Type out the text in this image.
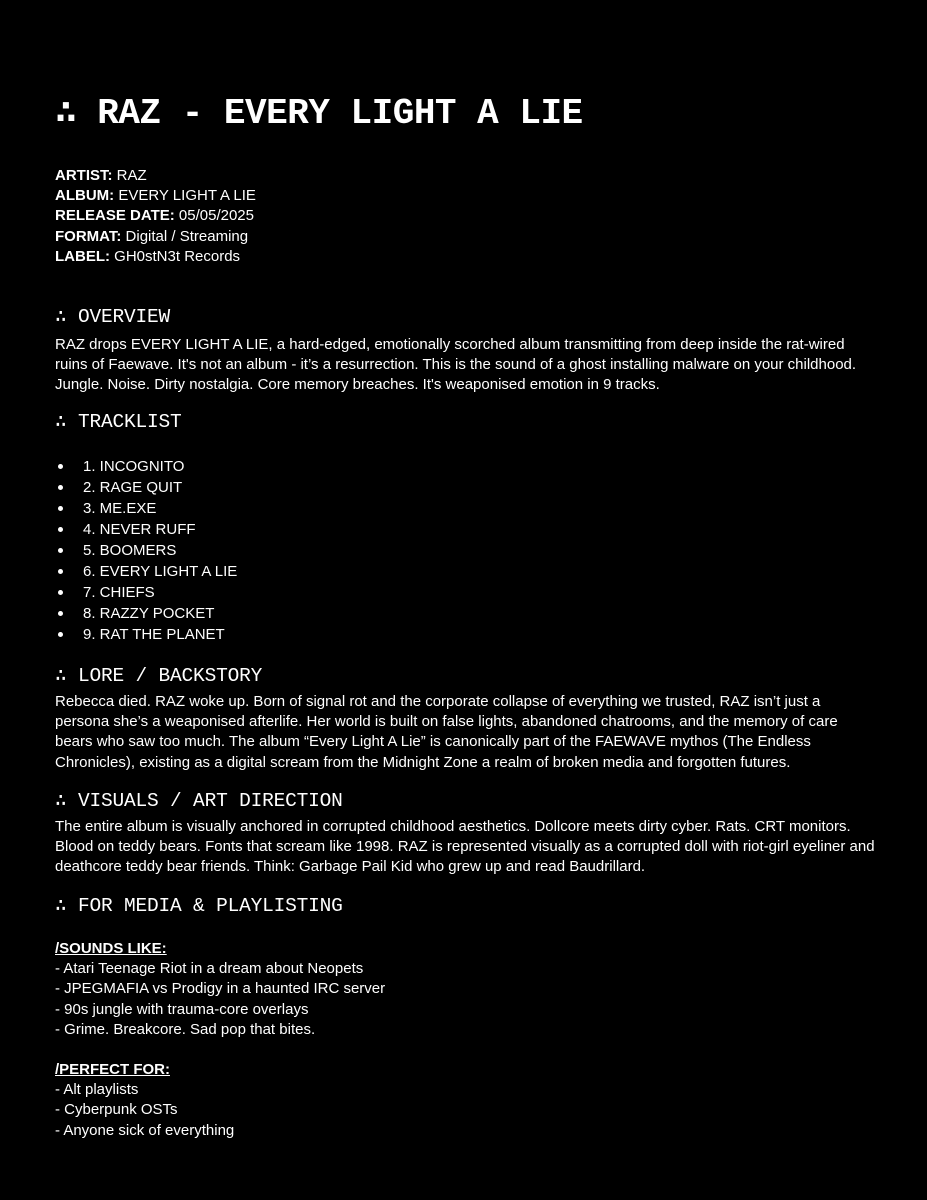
∴ RAZ - EVERY LIGHT A LIE
ARTIST: RAZ
ALBUM: EVERY LIGHT A LIE
RELEASE DATE: 05/05/2025
FORMAT: Digital / Streaming
LABEL: GH0stN3t Records
∴ OVERVIEW

RAZ drops EVERY LIGHT A LIE, a hard-edged, emotionally scorched album transmitting from deep inside the rat-wired ruins of Faewave. It's not an album - it’s a resurrection. This is the sound of a ghost installing malware on your childhood. Jungle. Noise. Dirty nostalgia. Core memory breaches. It's weaponised emotion in 9 tracks.

∴ TRACKLIST
1. INCOGNITO
2. RAGE QUIT
3. ME.EXE
4. NEVER RUFF
5. BOOMERS
6. EVERY LIGHT A LIE
7. CHIEFS
8. RAZZY POCKET
9. RAT THE PLANET
∴ LORE / BACKSTORY

Rebecca died. RAZ woke up. Born of signal rot and the corporate collapse of everything we trusted, RAZ isn’t just a persona she’s a weaponised afterlife. Her world is built on false lights, abandoned chatrooms, and the memory of care bears who saw too much. The album “Every Light A Lie” is canonically part of the FAEWAVE mythos (The Endless Chronicles), existing as a digital scream from the Midnight Zone a realm of broken media and forgotten futures.

∴ VISUALS / ART DIRECTION

The entire album is visually anchored in corrupted childhood aesthetics. Dollcore meets dirty cyber. Rats. CRT monitors. Blood on teddy bears. Fonts that scream like 1998. RAZ is represented visually as a corrupted doll with riot-girl eyeliner and deathcore teddy bear friends. Think: Garbage Pail Kid who grew up and read Baudrillard.

∴ FOR MEDIA & PLAYLISTING
/SOUNDS LIKE:
- Atari Teenage Riot in a dream about Neopets
- JPEGMAFIA vs Prodigy in a haunted IRC server
- 90s jungle with trauma-core overlays
- Grime. Breakcore. Sad pop that bites.
/PERFECT FOR:
- Alt playlists
- Cyberpunk OSTs
- Anyone sick of everything
